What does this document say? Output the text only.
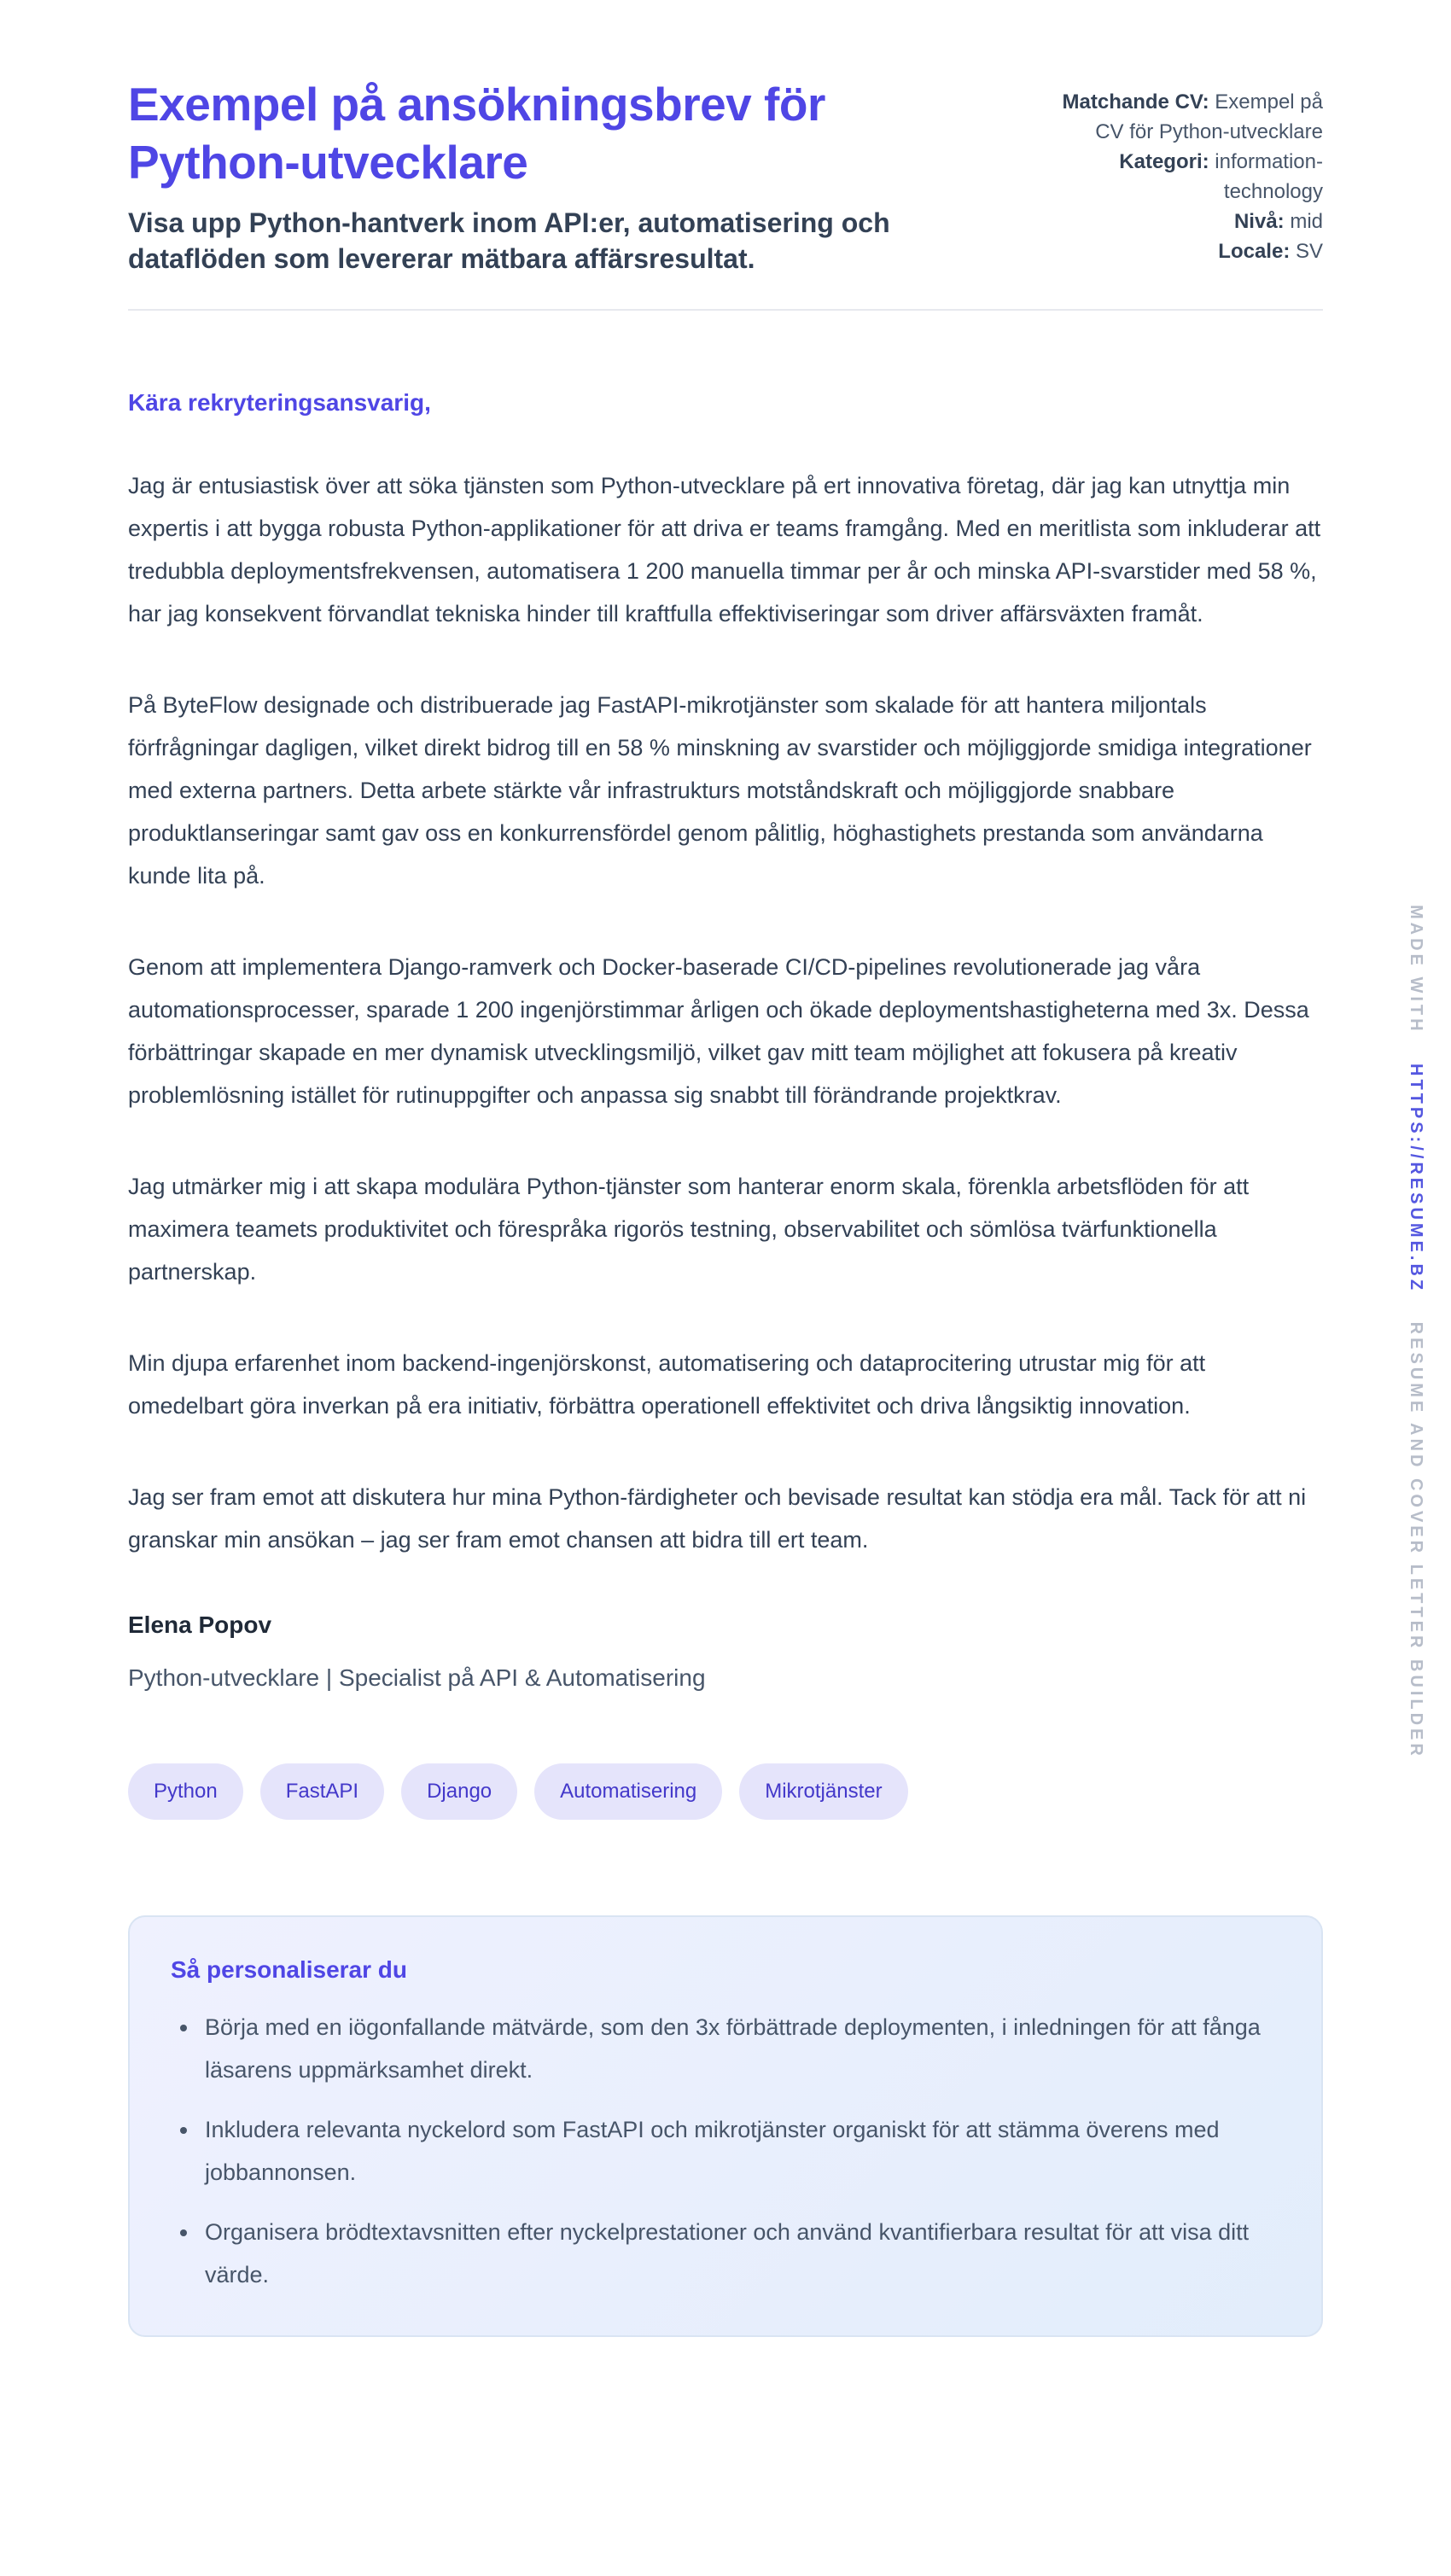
Exempel på ansökningsbrev för Python-utvecklare

Visa upp Python-hantverk inom API:er, automatisering och dataflöden som levererar mätbara affärsresultat.

Matchande CV: Exempel på CV för Python-utvecklare
Kategori: information-technology
Nivå: mid
Locale: SV

Kära rekryteringsansvarig,

Jag är entusiastisk över att söka tjänsten som Python-utvecklare på ert innovativa företag, där jag kan utnyttja min expertis i att bygga robusta Python-applikationer för att driva er teams framgång. Med en meritlista som inkluderar att tredubbla deploymentsfrekvensen, automatisera 1 200 manuella timmar per år och minska API-svarstider med 58 %, har jag konsekvent förvandlat tekniska hinder till kraftfulla effektiviseringar som driver affärsväxten framåt.

På ByteFlow designade och distribuerade jag FastAPI-mikrotjänster som skalade för att hantera miljontals förfrågningar dagligen, vilket direkt bidrog till en 58 % minskning av svarstider och möjliggjorde smidiga integrationer med externa partners. Detta arbete stärkte vår infrastrukturs motståndskraft och möjliggjorde snabbare produktlanseringar samt gav oss en konkurrensfördel genom pålitlig, höghastighets prestanda som användarna kunde lita på.

Genom att implementera Django-ramverk och Docker-baserade CI/CD-pipelines revolutionerade jag våra automationsprocesser, sparade 1 200 ingenjörstimmar årligen och ökade deploymentshastigheterna med 3x. Dessa förbättringar skapade en mer dynamisk utvecklingsmiljö, vilket gav mitt team möjlighet att fokusera på kreativ problemlösning istället för rutinuppgifter och anpassa sig snabbt till förändrande projektkrav.

Jag utmärker mig i att skapa modulära Python-tjänster som hanterar enorm skala, förenkla arbetsflöden för att maximera teamets produktivitet och förespråka rigorös testning, observabilitet och sömlösa tvärfunktionella partnerskap.

Min djupa erfarenhet inom backend-ingenjörskonst, automatisering och dataprocitering utrustar mig för att omedelbart göra inverkan på era initiativ, förbättra operationell effektivitet och driva långsiktig innovation.

Jag ser fram emot att diskutera hur mina Python-färdigheter och bevisade resultat kan stödja era mål. Tack för att ni granskar min ansökan – jag ser fram emot chansen att bidra till ert team.

Elena Popov

Python-utvecklare | Specialist på API & Automatisering

Python	FastAPI	Django	Automatisering	Mikrotjänster
Så personaliserar du
• Börja med en iögonfallande mätvärde, som den 3x förbättrade deploymenten, i inledningen för att fånga läsarens uppmärksamhet direkt.
• Inkludera relevanta nyckelord som FastAPI och mikrotjänster organiskt för att stämma överens med jobbannonsen.
• Organisera brödtextavsnitten efter nyckelprestationer och använd kvantifierbara resultat för att visa ditt värde.
MADE WITHHTTPS://RESUME.BZRESUME AND COVER LETTER BUILDER
